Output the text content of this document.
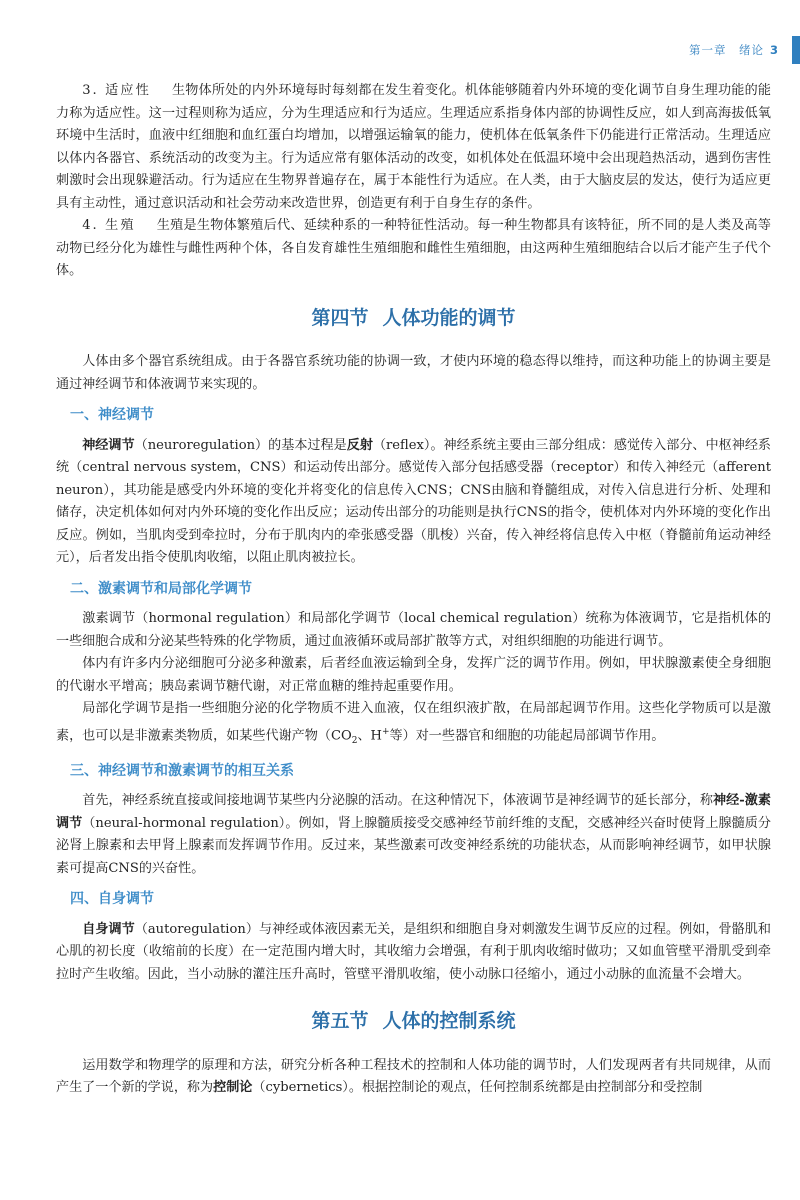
第一章　绪论 3

3. 适应性 生物体所处的内外环境每时每刻都在发生着变化。机体能够随着内外环境的变化调节自身生理功能的能力称为适应性。这一过程则称为适应，分为生理适应和行为适应。生理适应系指身体内部的协调性反应，如人到高海拔低氧环境中生活时，血液中红细胞和血红蛋白均增加，以增强运输氧的能力，使机体在低氧条件下仍能进行正常活动。生理适应以体内各器官、系统活动的改变为主。行为适应常有躯体活动的改变，如机体处在低温环境中会出现趋热活动，遇到伤害性刺激时会出现躲避活动。行为适应在生物界普遍存在，属于本能性行为适应。在人类，由于大脑皮层的发达，使行为适应更具有主动性，通过意识活动和社会劳动来改造世界，创造更有利于自身生存的条件。

4. 生殖 生殖是生物体繁殖后代、延续种系的一种特征性活动。每一种生物都具有该特征，所不同的是人类及高等动物已经分化为雄性与雌性两种个体，各自发育雄性生殖细胞和雌性生殖细胞，由这两种生殖细胞结合以后才能产生子代个体。

第四节 人体功能的调节

人体由多个器官系统组成。由于各器官系统功能的协调一致，才使内环境的稳态得以维持，而这种功能上的协调主要是通过神经调节和体液调节来实现的。

一、神经调节

神经调节（neuroregulation）的基本过程是反射（reflex）。神经系统主要由三部分组成：感觉传入部分、中枢神经系统（central nervous system，CNS）和运动传出部分。感觉传入部分包括感受器（receptor）和传入神经元（afferent neuron），其功能是感受内外环境的变化并将变化的信息传入CNS；CNS由脑和脊髓组成，对传入信息进行分析、处理和储存，决定机体如何对内外环境的变化作出反应；运动传出部分的功能则是执行CNS的指令，使机体对内外环境的变化作出反应。例如，当肌肉受到牵拉时，分布于肌肉内的牵张感受器（肌梭）兴奋，传入神经将信息传入中枢（脊髓前角运动神经元），后者发出指令使肌肉收缩，以阻止肌肉被拉长。

二、激素调节和局部化学调节

激素调节（hormonal regulation）和局部化学调节（local chemical regulation）统称为体液调节，它是指机体的一些细胞合成和分泌某些特殊的化学物质，通过血液循环或局部扩散等方式，对组织细胞的功能进行调节。

体内有许多内分泌细胞可分泌多种激素，后者经血液运输到全身，发挥广泛的调节作用。例如，甲状腺激素使全身细胞的代谢水平增高；胰岛素调节糖代谢，对正常血糖的维持起重要作用。

局部化学调节是指一些细胞分泌的化学物质不进入血液，仅在组织液扩散，在局部起调节作用。这些化学物质可以是激素，也可以是非激素类物质，如某些代谢产物（$CO_2$、H+等）对一些器官和细胞的功能起局部调节作用。

三、神经调节和激素调节的相互关系

首先，神经系统直接或间接地调节某些内分泌腺的活动。在这种情况下，体液调节是神经调节的延长部分，称神经-激素调节（neural-hormonal regulation）。例如，肾上腺髓质接受交感神经节前纤维的支配，交感神经兴奋时使肾上腺髓质分泌肾上腺素和去甲肾上腺素而发挥调节作用。反过来，某些激素可改变神经系统的功能状态，从而影响神经调节，如甲状腺素可提高CNS的兴奋性。

四、自身调节

自身调节（autoregulation）与神经或体液因素无关，是组织和细胞自身对刺激发生调节反应的过程。例如，骨骼肌和心肌的初长度（收缩前的长度）在一定范围内增大时，其收缩力会增强，有利于肌肉收缩时做功；又如血管壁平滑肌受到牵拉时产生收缩。因此，当小动脉的灌注压升高时，管壁平滑肌收缩，使小动脉口径缩小，通过小动脉的血流量不会增大。

第五节 人体的控制系统

运用数学和物理学的原理和方法，研究分析各种工程技术的控制和人体功能的调节时，人们发现两者有共同规律，从而产生了一个新的学说，称为控制论（cybernetics）。根据控制论的观点，任何控制系统都是由控制部分和受控制
